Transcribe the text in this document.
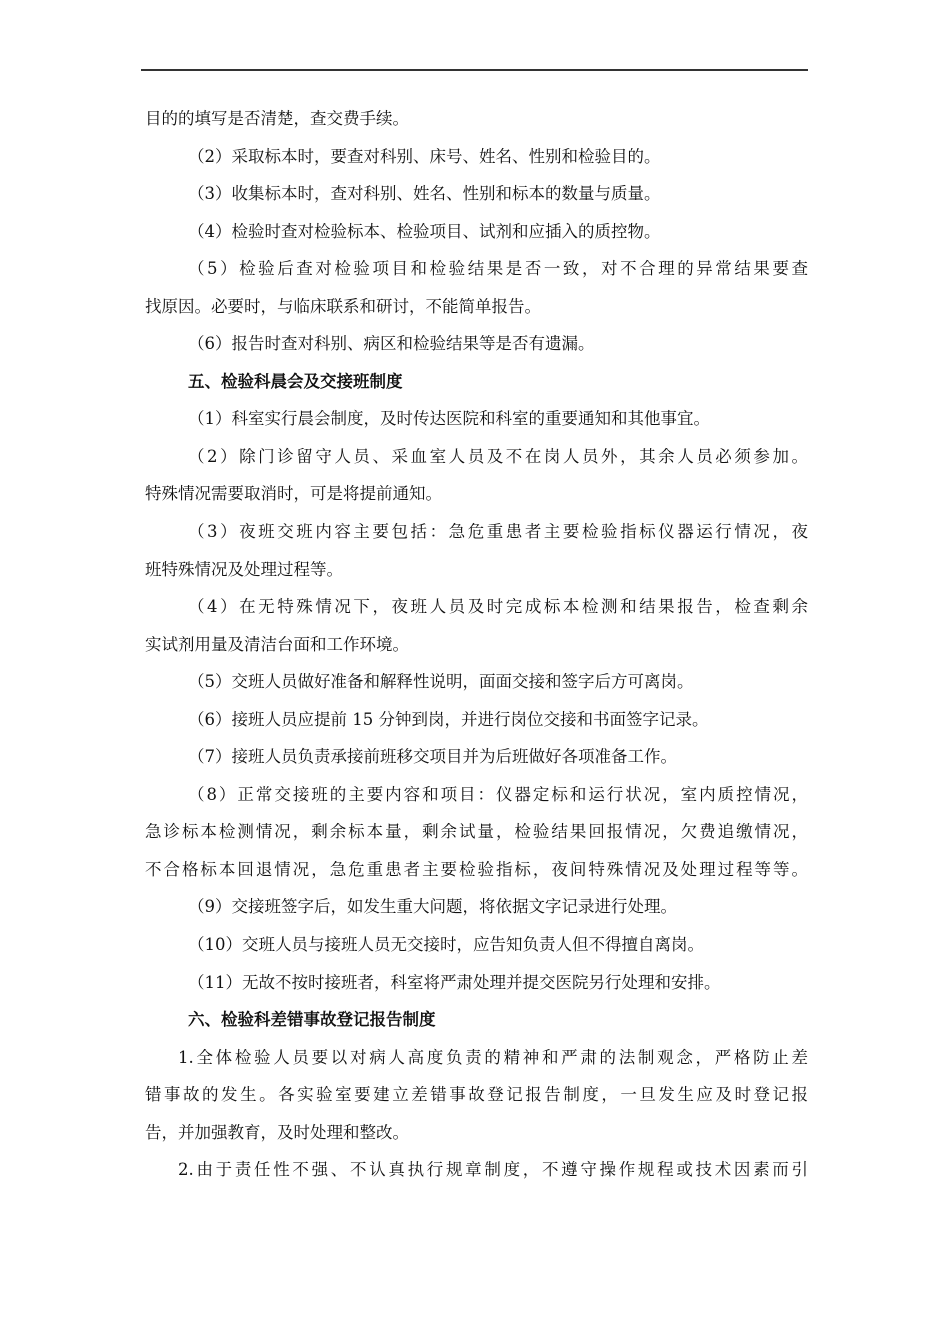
目的的填写是否清楚，查交费手续。
（2）采取标本时，要查对科别、床号、姓名、性别和检验目的。
（3）收集标本时，查对科别、姓名、性别和标本的数量与质量。
（4）检验时查对检验标本、检验项目、试剂和应插入的质控物。
（5）检验后查对检验项目和检验结果是否一致，对不合理的异常结果要查
找原因。必要时，与临床联系和研讨，不能简单报告。
（6）报告时查对科别、病区和检验结果等是否有遗漏。
五、检验科晨会及交接班制度
（1）科室实行晨会制度，及时传达医院和科室的重要通知和其他事宜。
（2）除门诊留守人员、采血室人员及不在岗人员外，其余人员必须参加。
特殊情况需要取消时，可是将提前通知。
（3）夜班交班内容主要包括：急危重患者主要检验指标仪器运行情况，夜
班特殊情况及处理过程等。
（4）在无特殊情况下，夜班人员及时完成标本检测和结果报告，检查剩余
实试剂用量及清洁台面和工作环境。
（5）交班人员做好准备和解释性说明，面面交接和签字后方可离岗。
（6）接班人员应提前 15 分钟到岗，并进行岗位交接和书面签字记录。
（7）接班人员负责承接前班移交项目并为后班做好各项准备工作。
（8）正常交接班的主要内容和项目：仪器定标和运行状况，室内质控情况，
急诊标本检测情况，剩余标本量，剩余试量，检验结果回报情况，欠费追缴情况，
不合格标本回退情况，急危重患者主要检验指标，夜间特殊情况及处理过程等等。
（9）交接班签字后，如发生重大问题，将依据文字记录进行处理。
（10）交班人员与接班人员无交接时，应告知负责人但不得擅自离岗。
（11）无故不按时接班者，科室将严肃处理并提交医院另行处理和安排。
六、检验科差错事故登记报告制度
1.全体检验人员要以对病人高度负责的精神和严肃的法制观念，严格防止差
错事故的发生。各实验室要建立差错事故登记报告制度，一旦发生应及时登记报
告，并加强教育，及时处理和整改。
2.由于责任性不强、不认真执行规章制度，不遵守操作规程或技术因素而引
